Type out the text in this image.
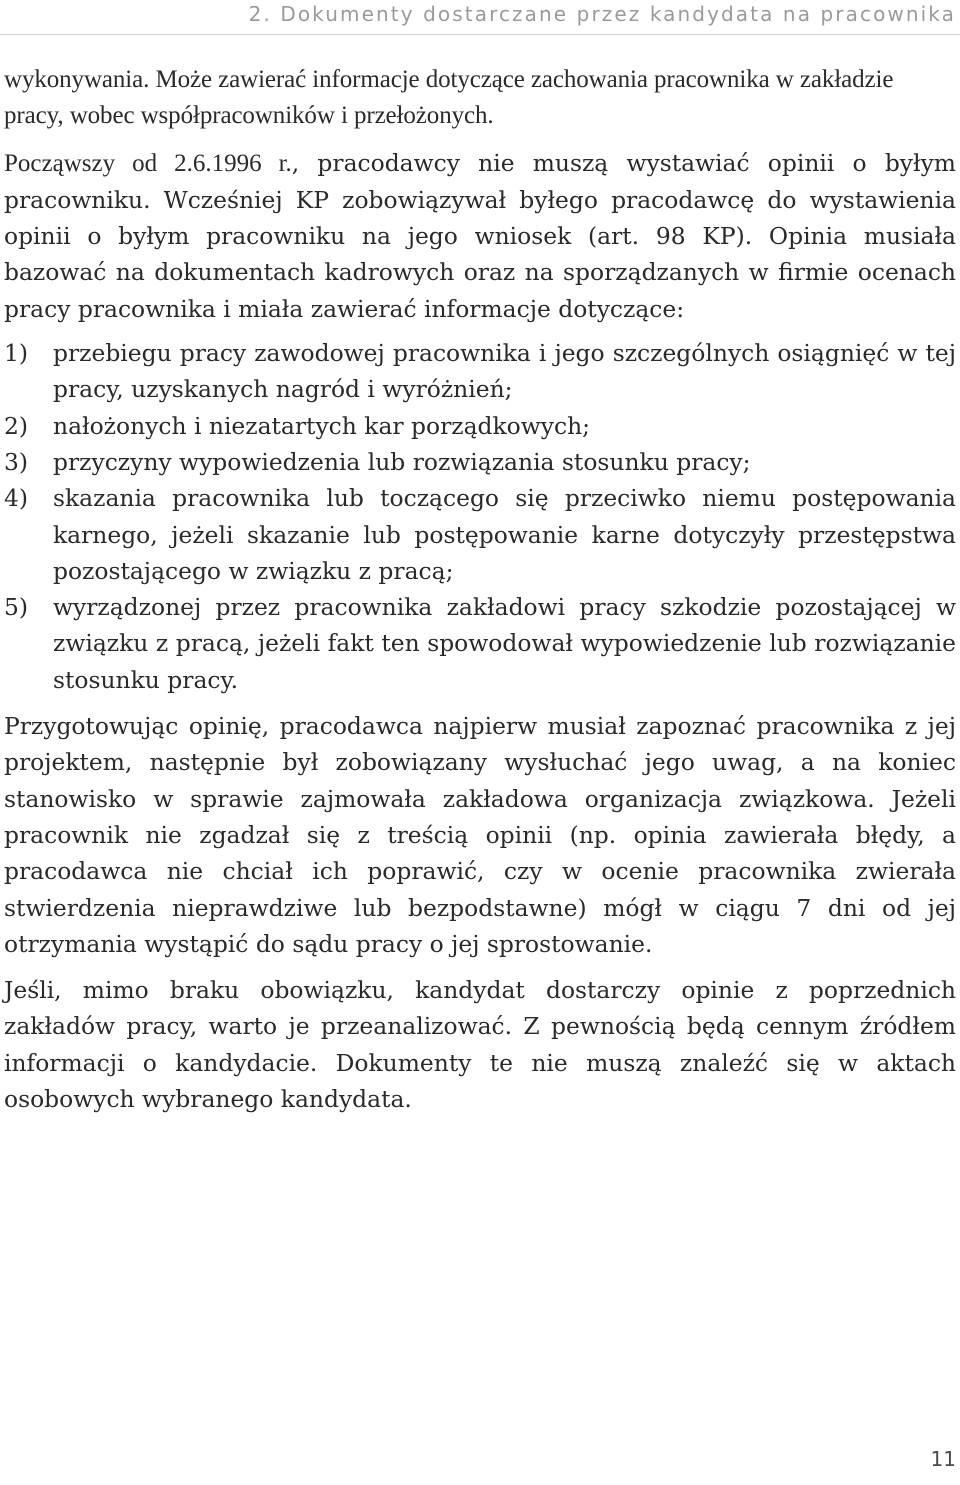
2. Dokumenty dostarczane przez kandydata na pracownika

wykonywania. Może zawierać informacje dotyczące zachowania pracownika w zakładzie pracy, wobec współpracowników i przełożonych.

Począwszy od 2.6.1996 r., pracodawcy nie muszą wystawiać opinii o byłym pracowniku. Wcześniej KP zobowiązywał byłego pracodawcę do wystawienia opinii o byłym pracowniku na jego wniosek (art. 98 KP). Opinia musiała bazować na dokumentach kadrowych oraz na sporządzanych w firmie ocenach pracy pracownika i miała zawierać informacje dotyczące:

1) przebiegu pracy zawodowej pracownika i jego szczególnych osiągnięć w tej pracy, uzyskanych nagród i wyróżnień;
2) nałożonych i niezatartych kar porządkowych;
3) przyczyny wypowiedzenia lub rozwiązania stosunku pracy;
4) skazania pracownika lub toczącego się przeciwko niemu postępowania karnego, jeżeli skazanie lub postępowanie karne dotyczyły przestępstwa pozostającego w związku z pracą;
5) wyrządzonej przez pracownika zakładowi pracy szkodzie pozostającej w związku z pracą, jeżeli fakt ten spowodował wypowiedzenie lub rozwiązanie stosunku pracy.

Przygotowując opinię, pracodawca najpierw musiał zapoznać pracownika z jej projektem, następnie był zobowiązany wysłuchać jego uwag, a na koniec stanowisko w sprawie zajmowała zakładowa organizacja związkowa. Jeżeli pracownik nie zgadzał się z treścią opinii (np. opinia zawierała błędy, a pracodawca nie chciał ich poprawić, czy w ocenie pracownika zwierała stwierdzenia nieprawdziwe lub bezpodstawne) mógł w ciągu 7 dni od jej otrzymania wystąpić do sądu pracy o jej sprostowanie.

Jeśli, mimo braku obowiązku, kandydat dostarczy opinie z poprzednich zakładów pracy, warto je przeanalizować. Z pewnością będą cennym źródłem informacji o kandydacie. Dokumenty te nie muszą znaleźć się w aktach osobowych wybranego kandydata.

11
